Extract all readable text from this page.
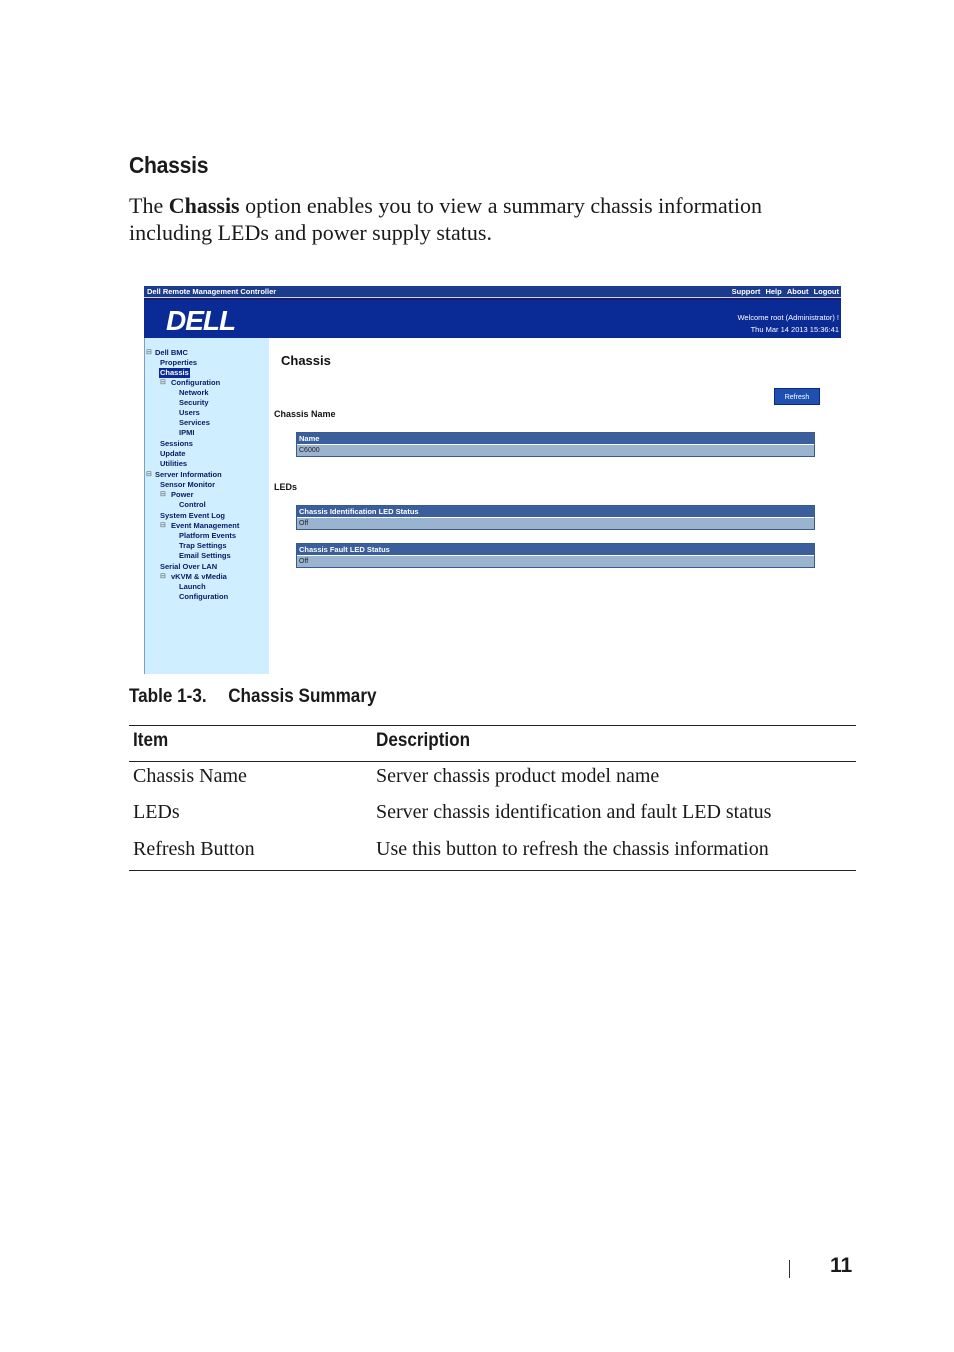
Chassis

The Chassis option enables you to view a summary chassis information including LEDs and power supply status.

Dell Remote Management Controller	Support Help About Logout
DELL	Welcome root (Administrator) !
Thu Mar 14 2013 15:36:41
⊟ Dell BMC
Properties
Chassis
⊟ Configuration
Network
Security
Users
Services
IPMI
Sessions
Update
Utilities
⊟ Server Information
Sensor Monitor
⊟ Power
Control
System Event Log
⊟ Event Management
Platform Events
Trap Settings
Email Settings
Serial Over LAN
⊟ vKVM & vMedia
Launch
Configuration
Chassis
Refresh
Chassis Name
Name
C6000
LEDs
Chassis Identification LED Status
Off
Chassis Fault LED Status
Off
Table 1-3. Chassis Summary
Item	Description
Chassis Name	Server chassis product model name
LEDs	Server chassis identification and fault LED status
Refresh Button	Use this button to refresh the chassis information
11
